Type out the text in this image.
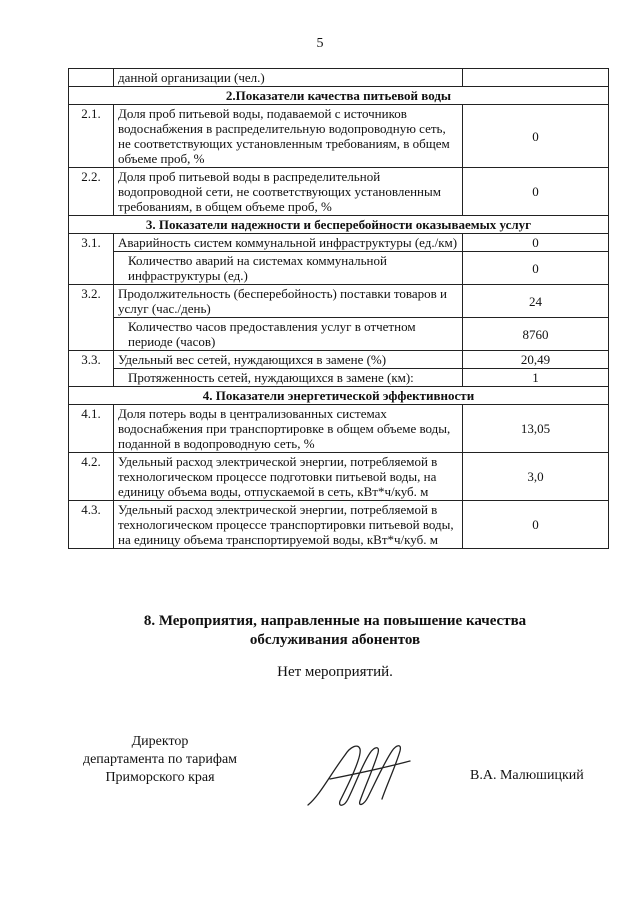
5
	данной организации (чел.)	
2.Показатели качества питьевой воды		
2.1.	Доля проб питьевой воды, подаваемой с источников водоснабжения в распределительную водопроводную сеть, не соответствующих установленным требованиям, в общем объеме проб, %	0
2.2.	Доля проб питьевой воды в распределительной водопроводной сети, не соответствующих установленным требованиям, в общем объеме проб, %	0
3. Показатели надежности и бесперебойности оказываемых услуг		
3.1.	Аварийность систем коммунальной инфраструктуры (ед./км)	0
	Количество аварий на системах коммунальной инфраструктуры (ед.)	0
3.2.	Продолжительность (бесперебойность) поставки товаров и услуг (час./день)	24
	Количество часов предоставления услуг в отчетном периоде (часов)	8760
3.3.	Удельный вес сетей, нуждающихся в замене (%)	20,49
	Протяженность сетей, нуждающихся в замене (км):	1
4. Показатели энергетической эффективности		
4.1.	Доля потерь воды в централизованных системах водоснабжения при транспортировке в общем объеме воды, поданной в водопроводную сеть, %	13,05
4.2.	Удельный расход электрической энергии, потребляемой в технологическом процессе подготовки питьевой воды, на единицу объема воды, отпускаемой в сеть, кВт*ч/куб. м	3,0
4.3.	Удельный расход электрической энергии, потребляемой в технологическом процессе транспортировки питьевой воды, на единицу объема транспортируемой воды, кВт*ч/куб. м	0
8. Мероприятия, направленные на повышение качества
обслуживания абонентов
Нет мероприятий.
Директор
департамента по тарифам
Приморского края	В.А. Малюшицкий
